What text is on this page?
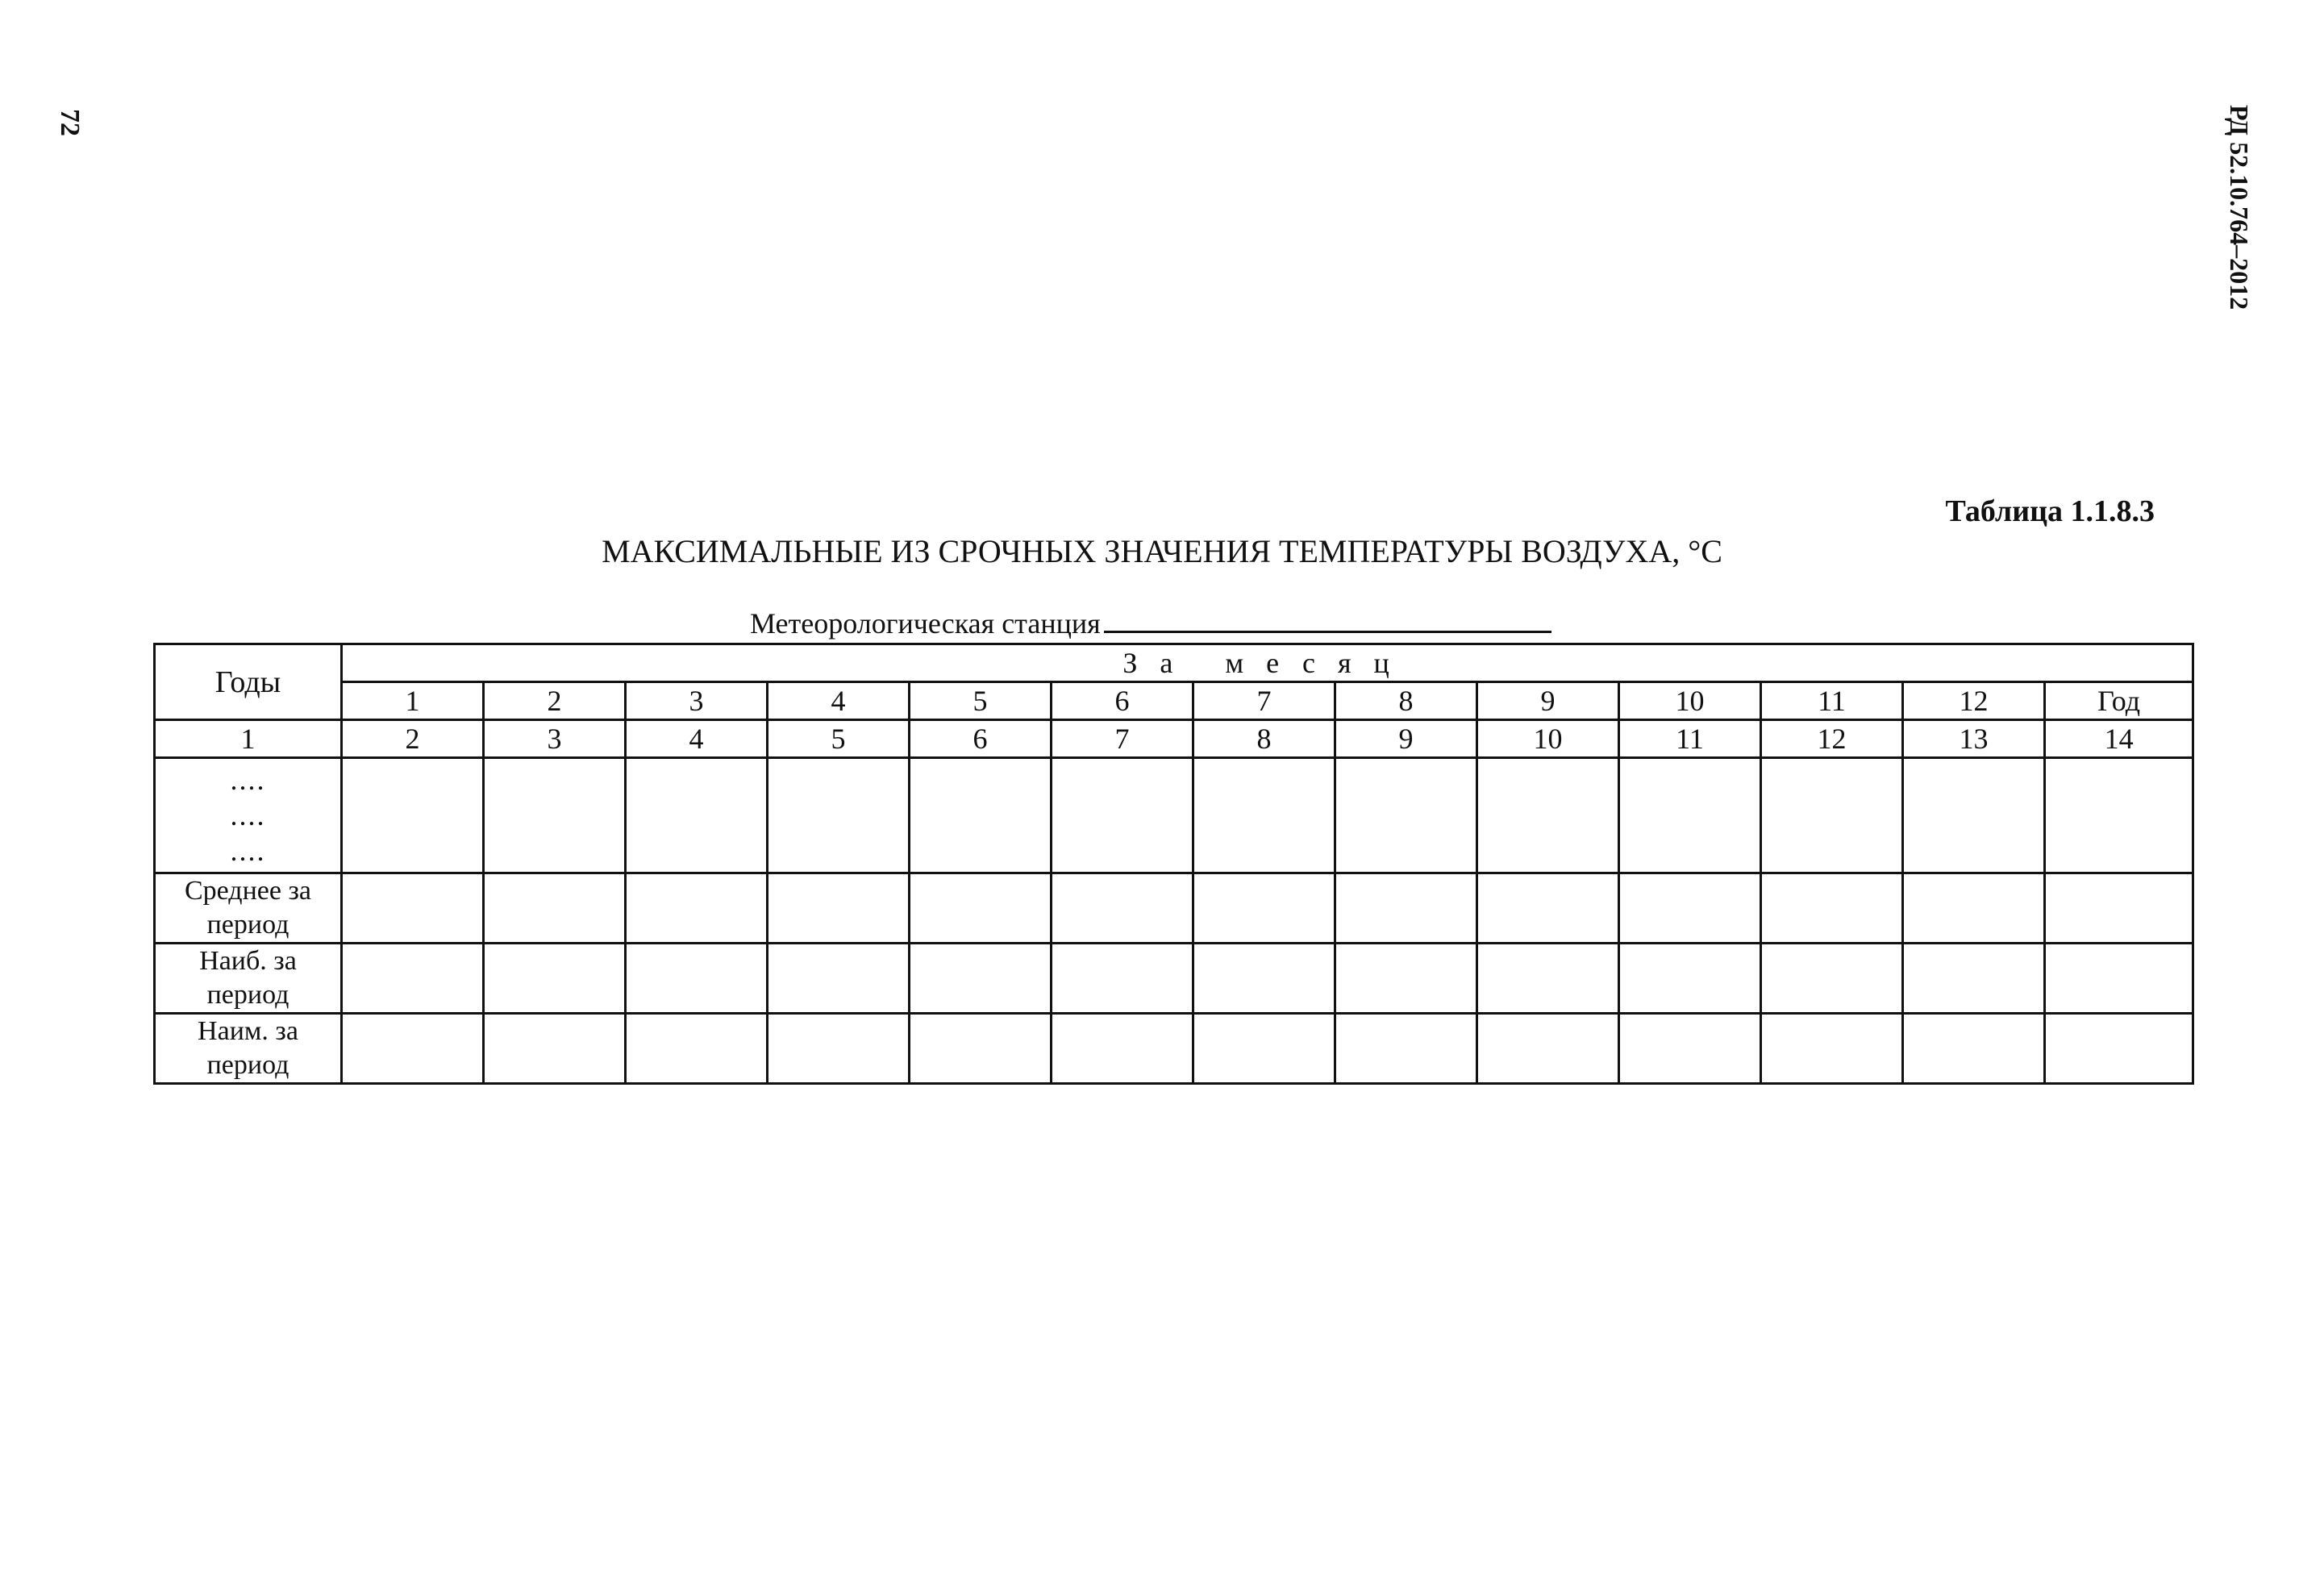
72	РД 52.10.764–2012
Таблица 1.1.8.3
МАКСИМАЛЬНЫЕ ИЗ СРОЧНЫХ ЗНАЧЕНИЯ ТЕМПЕРАТУРЫ ВОЗДУХА, °С
Метеорологическая станция
Годы	За месяц												
	1	2	3	4	5	6	7	8	9	10	11	12	Год
1	2	3	4	5	6	7	8	9	10	11	12	13	14

....
....
....													

Среднее за
период													

Наиб. за
период													

Наим. за
период													
